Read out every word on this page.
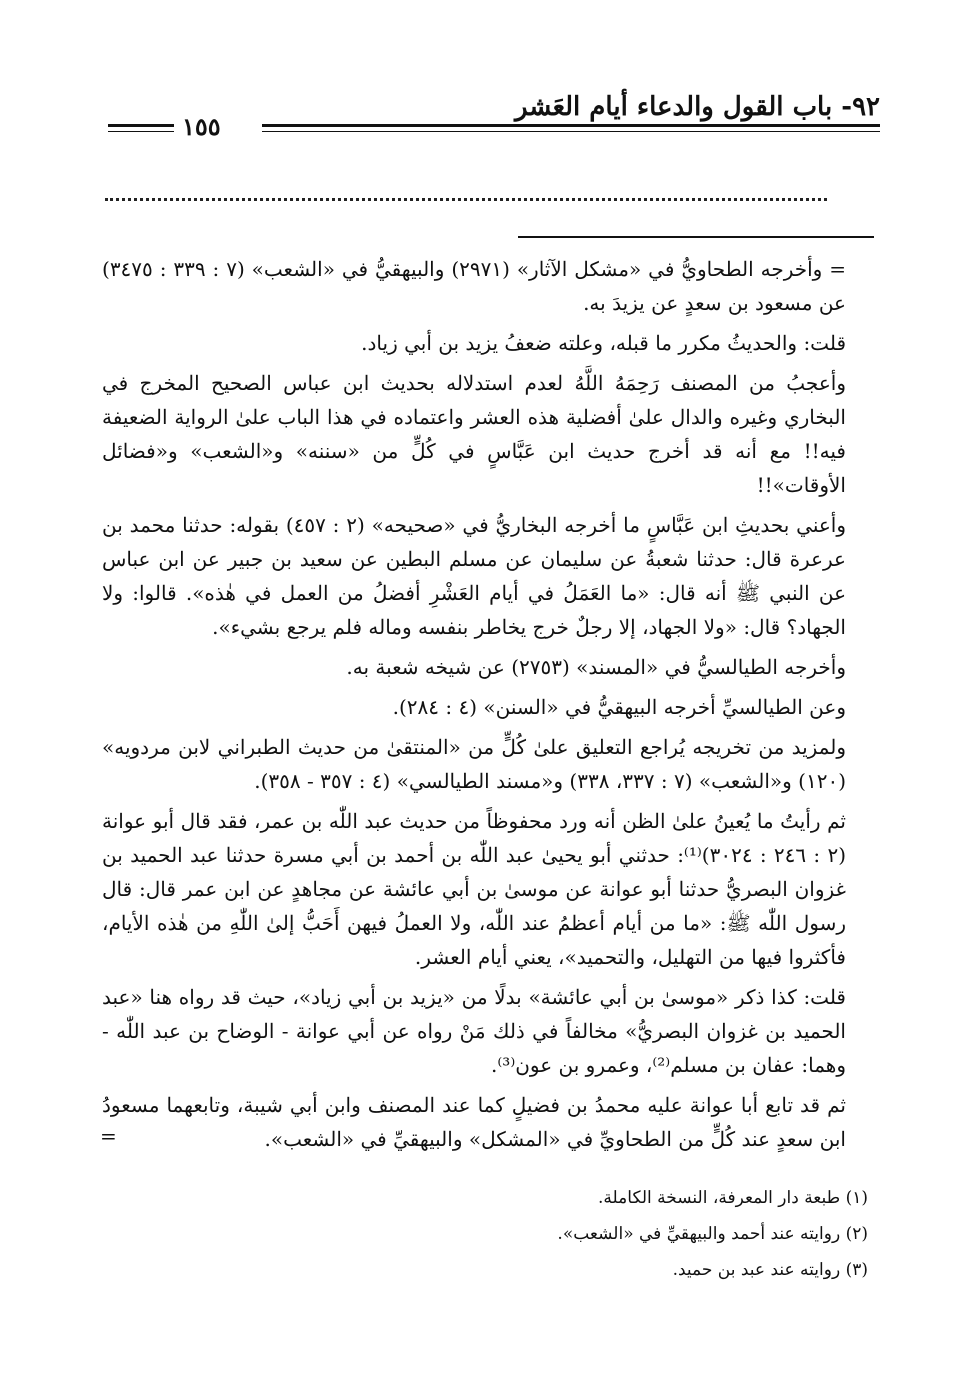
٩٢- باب القول والدعاء أيام العَشر
١٥٥

= وأخرجه الطحاويُّ في «مشكل الآثار» (٢٩٧١) والبيهقيُّ في «الشعب» (٧ : ٣٣٩ : ٣٤٧٥) عن مسعود بن سعدٍ عن يزيدَ به.

قلت: والحديثُ مكرر ما قبله، وعلته ضعفُ يزيد بن أبي زياد.

وأعجبُ من المصنف رَحِمَهُ اللَّهُ لعدم استدلاله بحديث ابن عباس الصحيح المخرج في البخاري وغيره والدال علىٰ أفضلية هذه العشر واعتماده في هذا الباب علىٰ الرواية الضعيفة فيه!! مع أنه قد أخرج حديث ابن عَبَّاسٍ في كُلٍّ من «سننه» و«الشعب» و«فضائل الأوقات»!!

وأعني بحديثِ ابن عَبَّاسٍ ما أخرجه البخاريُّ في «صحيحه» (٢ : ٤٥٧) بقوله: حدثنا محمد بن عرعرة قال: حدثنا شعبةُ عن سليمان عن مسلم البطين عن سعيد بن جبير عن ابن عباس عن النبي ﷺ أنه قال: «ما العَمَلُ في أيام العَشْرِ أفضلُ من العمل في هٰذه». قالوا: ولا الجهاد؟ قال: «ولا الجهاد، إلا رجلٌ خرج يخاطر بنفسه وماله فلم يرجع بشيء».

وأخرجه الطيالسيُّ في «المسند» (٢٧٥٣) عن شيخه شعبة به.

وعن الطيالسيِّ أخرجه البيهقيُّ في «السنن» (٤ : ٢٨٤).

ولمزيد من تخريجه يُراجع التعليق علىٰ كُلٍّ من «المنتقىٰ من حديث الطبراني لابن مردويه» (١٢٠) و«الشعب» (٧ : ٣٣٧، ٣٣٨) و«مسند الطيالسي» (٤ : ٣٥٧ - ٣٥٨).

ثم رأيتُ ما يُعينُ علىٰ الظن أنه ورد محفوظاً من حديث عبد اللّٰه بن عمر، فقد قال أبو عوانة (٢ : ٢٤٦ : ٣٠٢٤)⁽¹⁾: حدثني أبو يحيىٰ عبد اللّٰه بن أحمد بن أبي مسرة حدثنا عبد الحميد بن غزوان البصريُّ حدثنا أبو عوانة عن موسىٰ بن أبي عائشة عن مجاهدٍ عن ابن عمر قال: قال رسول اللّٰه ﷺ: «ما من أيام أعظمُ عند اللّٰه، ولا العملُ فيهن أَحَبُّ إلىٰ اللّٰهِ من هٰذه الأيام، فأكثروا فيها من التهليل، والتحميد»، يعني أيام العشر.

قلت: كذا ذكر «موسىٰ بن أبي عائشة» بدلًا من «يزيد بن أبي زياد»، حيث قد رواه هنا «عبد الحميد بن غزوان البصريُّ» مخالفاً في ذلك مَنْ رواه عن أبي عوانة - الوضاح بن عبد اللّٰه - وهما: عفان بن مسلم⁽²⁾، وعمرو بن عون⁽³⁾.

ثم قد تابع أبا عوانة عليه محمدُ بن فضيلٍ كما عند المصنف وابن أبي شيبة، وتابعهما مسعودُ ابن سعدٍ عند كُلٍّ من الطحاويِّ في «المشكل» والبيهقيِّ في «الشعب».

=

(١) طبعة دار المعرفة، النسخة الكاملة.

(٢) روايته عند أحمد والبيهقيِّ في «الشعب».

(٣) روايته عند عبد بن حميد.
